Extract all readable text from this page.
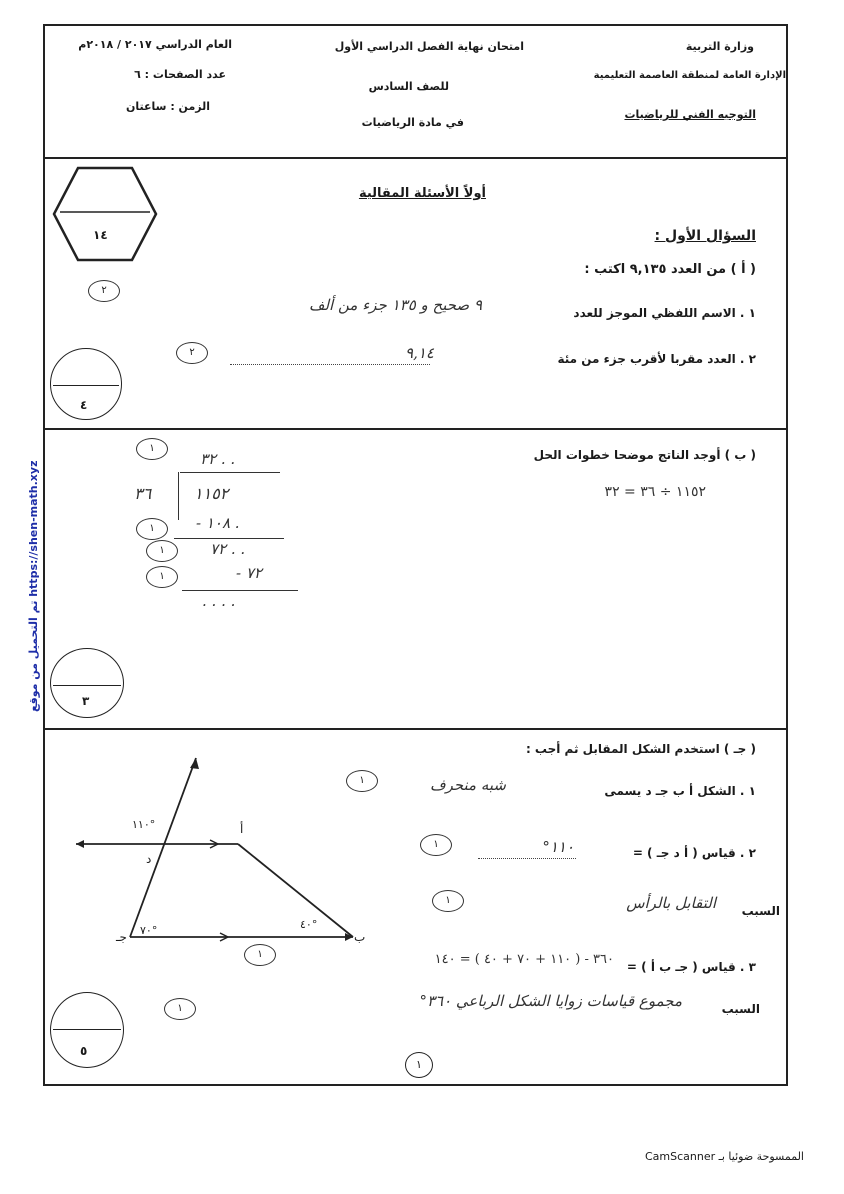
وزارة التربية
الإدارة العامة لمنطقة العاصمة التعليمية
التوجيه الفني للرياضيات
امتحان نهاية الفصل الدراسي الأول
للصف السادس
في مادة الرياضيات
العام الدراسي ٢٠١٧ / ٢٠١٨م
عدد الصفحات : ٦
الزمن : ساعتان
١٤
أولاً الأسئلة المقالية
السؤال الأول :
( أ ) من العدد ٩,١٣٥ اكتب :
١ . الاسم اللفظي الموجز للعدد
٩ صحيح و ١٣٥ جزء من ألف
٢
٢ . العدد مقربا لأقرب جزء من مئة
٩,١٤
٢
٤
( ب ) أوجد الناتج موضحا خطوات الحل
١١٥٢ ÷ ٣٦ = ٣٢
١
٣٢ . .
٣٦	١١٥٢
١	- ١٠٨ .
١	٧٢ . .
١	- ٧٢
. . . .
٣
( جـ ) استخدم الشكل المقابل ثم أجب :
١ . الشكل أ ب جـ د يسمى
شبه منحرف
١
٢ . قياس ( أ د جـ ) =
١١٠°
١
السبب
التقابل بالرأس
١
٣ . قياس ( جـ ب أ ) =
٣٦٠ - ( ١١٠ + ٧٠ + ٤٠ ) = ١٤٠
السبب
مجموع قياسات زوايا الشكل الرباعي ٣٦٠°
١
١١٠°
٧٠°	٤٠°
أ
د
جـ	ب
١
٥
١
تم التحميل من موقع https://shen-math.xyz
الممسوحة ضوئيا بـ CamScanner
